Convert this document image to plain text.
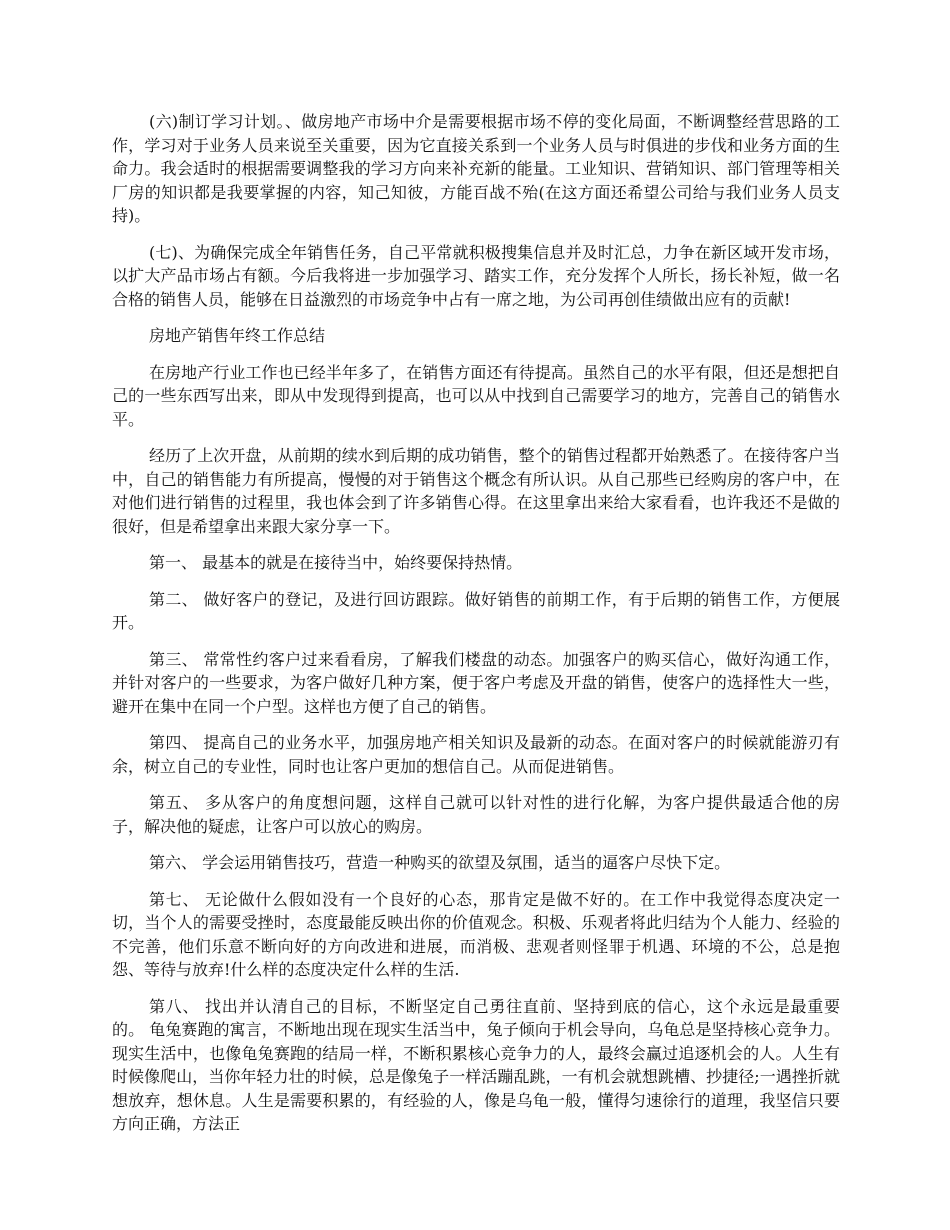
(六)制订学习计划。、做房地产市场中介是需要根据市场不停的变化局面，不断调整经营思路的工作，学习对于业务人员来说至关重要，因为它直接关系到一个业务人员与时俱进的步伐和业务方面的生命力。我会适时的根据需要调整我的学习方向来补充新的能量。工业知识、营销知识、部门管理等相关厂房的知识都是我要掌握的内容，知己知彼，方能百战不殆(在这方面还希望公司给与我们业务人员支持)。

(七)、为确保完成全年销售任务，自己平常就积极搜集信息并及时汇总，力争在新区域开发市场，以扩大产品市场占有额。今后我将进一步加强学习、踏实工作，充分发挥个人所长，扬长补短，做一名合格的销售人员，能够在日益激烈的市场竞争中占有一席之地，为公司再创佳绩做出应有的贡献!

房地产销售年终工作总结

在房地产行业工作也已经半年多了，在销售方面还有待提高。虽然自己的水平有限，但还是想把自己的一些东西写出来，即从中发现得到提高，也可以从中找到自己需要学习的地方，完善自己的销售水平。

经历了上次开盘，从前期的续水到后期的成功销售，整个的销售过程都开始熟悉了。在接待客户当中，自己的销售能力有所提高，慢慢的对于销售这个概念有所认识。从自己那些已经购房的客户中，在对他们进行销售的过程里，我也体会到了许多销售心得。在这里拿出来给大家看看，也许我还不是做的很好，但是希望拿出来跟大家分享一下。

第一、 最基本的就是在接待当中，始终要保持热情。

第二、 做好客户的登记，及进行回访跟踪。做好销售的前期工作，有于后期的销售工作，方便展开。

第三、 常常性约客户过来看看房，了解我们楼盘的动态。加强客户的购买信心，做好沟通工作，并针对客户的一些要求，为客户做好几种方案，便于客户考虑及开盘的销售，使客户的选择性大一些，避开在集中在同一个户型。这样也方便了自己的销售。

第四、 提高自己的业务水平，加强房地产相关知识及最新的动态。在面对客户的时候就能游刃有余，树立自己的专业性，同时也让客户更加的想信自己。从而促进销售。

第五、 多从客户的角度想问题，这样自己就可以针对性的进行化解，为客户提供最适合他的房子，解决他的疑虑，让客户可以放心的购房。

第六、 学会运用销售技巧，营造一种购买的欲望及氛围，适当的逼客户尽快下定。

第七、 无论做什么假如没有一个良好的心态，那肯定是做不好的。在工作中我觉得态度决定一切，当个人的需要受挫时，态度最能反映出你的价值观念。积极、乐观者将此归结为个人能力、经验的不完善，他们乐意不断向好的方向改进和进展，而消极、悲观者则怪罪于机遇、环境的不公，总是抱怨、等待与放弃!什么样的态度决定什么样的生活.

第八、 找出并认清自己的目标，不断坚定自己勇往直前、坚持到底的信心，这个永远是最重要的。 龟兔赛跑的寓言，不断地出现在现实生活当中，兔子倾向于机会导向，乌龟总是坚持核心竞争力。现实生活中，也像龟兔赛跑的结局一样，不断积累核心竞争力的人，最终会赢过追逐机会的人。人生有时候像爬山，当你年轻力壮的时候，总是像兔子一样活蹦乱跳，一有机会就想跳槽、抄捷径;一遇挫折就想放弃，想休息。人生是需要积累的，有经验的人，像是乌龟一般，懂得匀速徐行的道理，我坚信只要方向正确，方法正
